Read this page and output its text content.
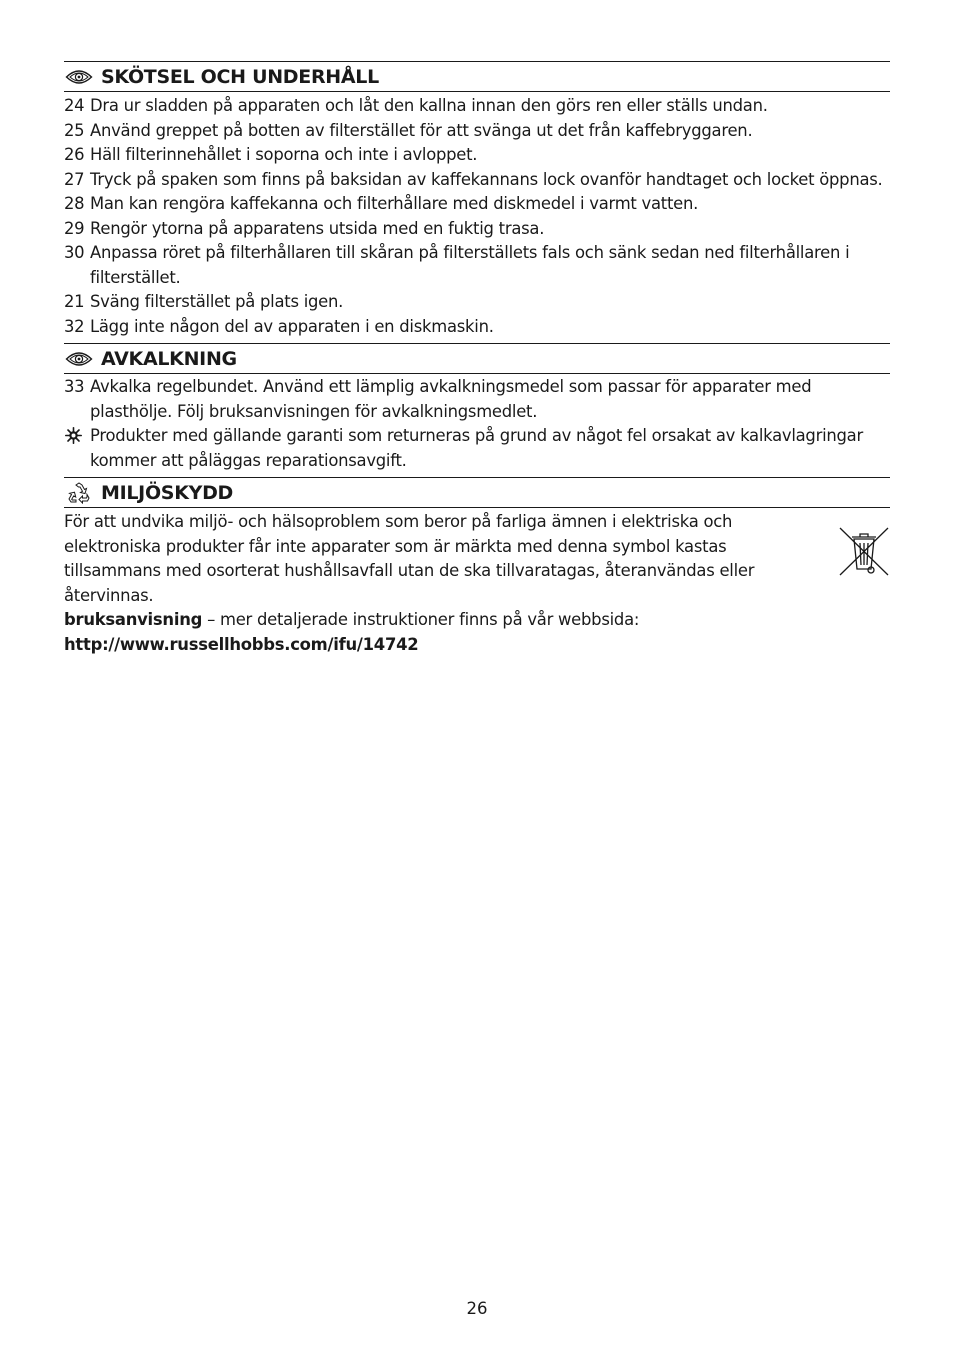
SKÖTSEL OCH UNDERHÅLL
24 Dra ur sladden på apparaten och låt den kallna innan den görs ren eller ställs undan.
25 Använd greppet på botten av filterstället för att svänga ut det från kaffebryggaren.
26 Häll filterinnehållet i soporna och inte i avloppet.
27 Tryck på spaken som finns på baksidan av kaffekannans lock ovanför handtaget och locket öppnas.
28 Man kan rengöra kaffekanna och filterhållare med diskmedel i varmt vatten.
29 Rengör ytorna på apparatens utsida med en fuktig trasa.
30 Anpassa röret på filterhållaren till skåran på filterställets fals och sänk sedan ned filterhållaren i filterstället.
21 Sväng filterstället på plats igen.
32 Lägg inte någon del av apparaten i en diskmaskin.
AVKALKNING
33 Avkalka regelbundet. Använd ett lämplig avkalkningsmedel som passar för apparater med plasthölje. Följ bruksanvisningen för avkalkningsmedlet.
Produkter med gällande garanti som returneras på grund av något fel orsakat av kalkavlagringar kommer att påläggas reparationsavgift.
MILJÖSKYDD
För att undvika miljö- och hälsoproblem som beror på farliga ämnen i elektriska och elektroniska produkter får inte apparater som är märkta med denna symbol kastas tillsammans med osorterat hushållsavfall utan de ska tillvaratagas, återanvändas eller återvinnas.
bruksanvisning – mer detaljerade instruktioner finns på vår webbsida:
http://www.russellhobbs.com/ifu/14742
26
